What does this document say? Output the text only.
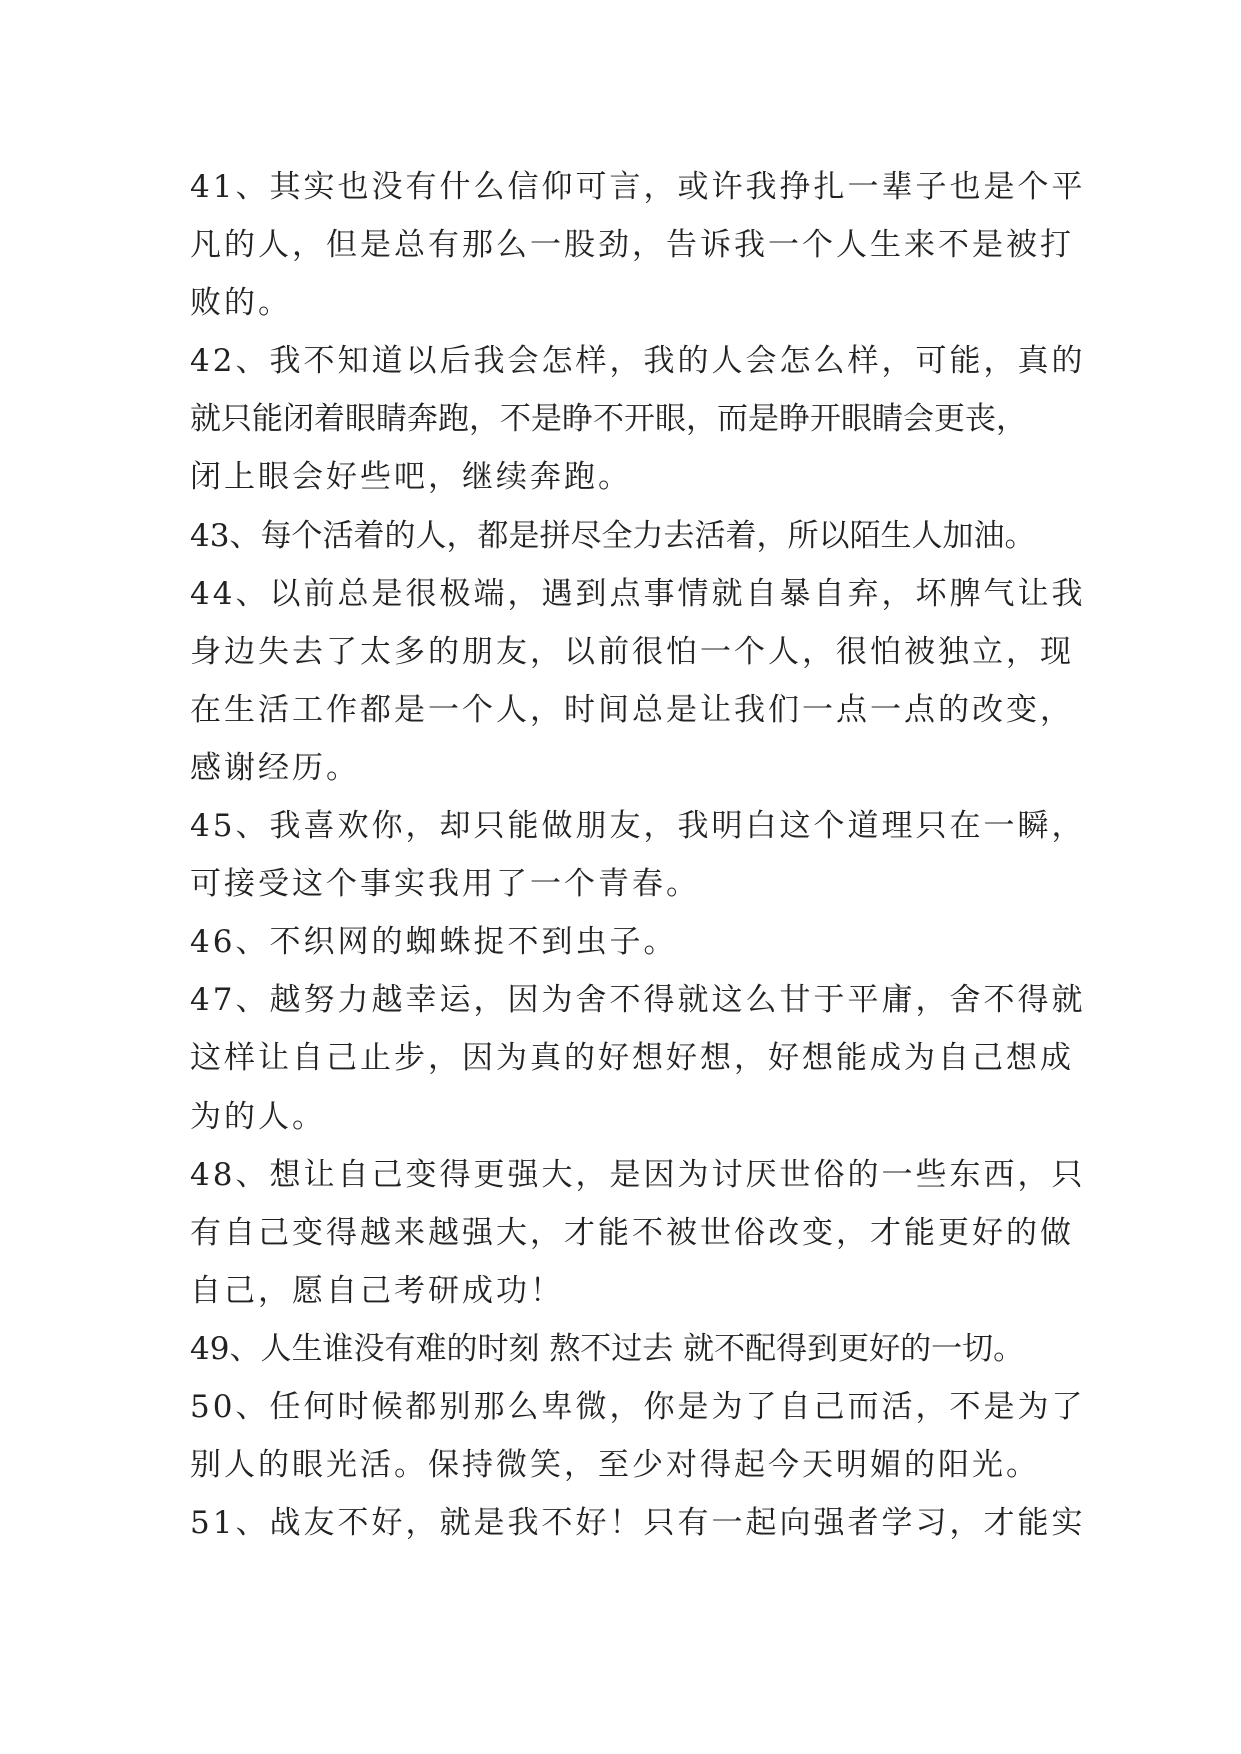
41、其实也没有什么信仰可言，或许我挣扎一辈子也是个平
凡的人，但是总有那么一股劲，告诉我一个人生来不是被打
败的。
42、我不知道以后我会怎样，我的人会怎么样，可能，真的
就只能闭着眼睛奔跑，不是睁不开眼，而是睁开眼睛会更丧，
闭上眼会好些吧，继续奔跑。
43、每个活着的人，都是拼尽全力去活着，所以陌生人加油。
44、以前总是很极端，遇到点事情就自暴自弃，坏脾气让我
身边失去了太多的朋友，以前很怕一个人，很怕被独立，现
在生活工作都是一个人，时间总是让我们一点一点的改变，
感谢经历。
45、我喜欢你，却只能做朋友，我明白这个道理只在一瞬，
可接受这个事实我用了一个青春。
46、不织网的蜘蛛捉不到虫子。
47、越努力越幸运，因为舍不得就这么甘于平庸，舍不得就
这样让自己止步，因为真的好想好想，好想能成为自己想成
为的人。
48、想让自己变得更强大，是因为讨厌世俗的一些东西，只
有自己变得越来越强大，才能不被世俗改变，才能更好的做
自己，愿自己考研成功！
49、人生谁没有难的时刻 熬不过去 就不配得到更好的一切。
50、任何时候都别那么卑微，你是为了自己而活，不是为了
别人的眼光活。保持微笑，至少对得起今天明媚的阳光。
51、战友不好，就是我不好！只有一起向强者学习，才能实
